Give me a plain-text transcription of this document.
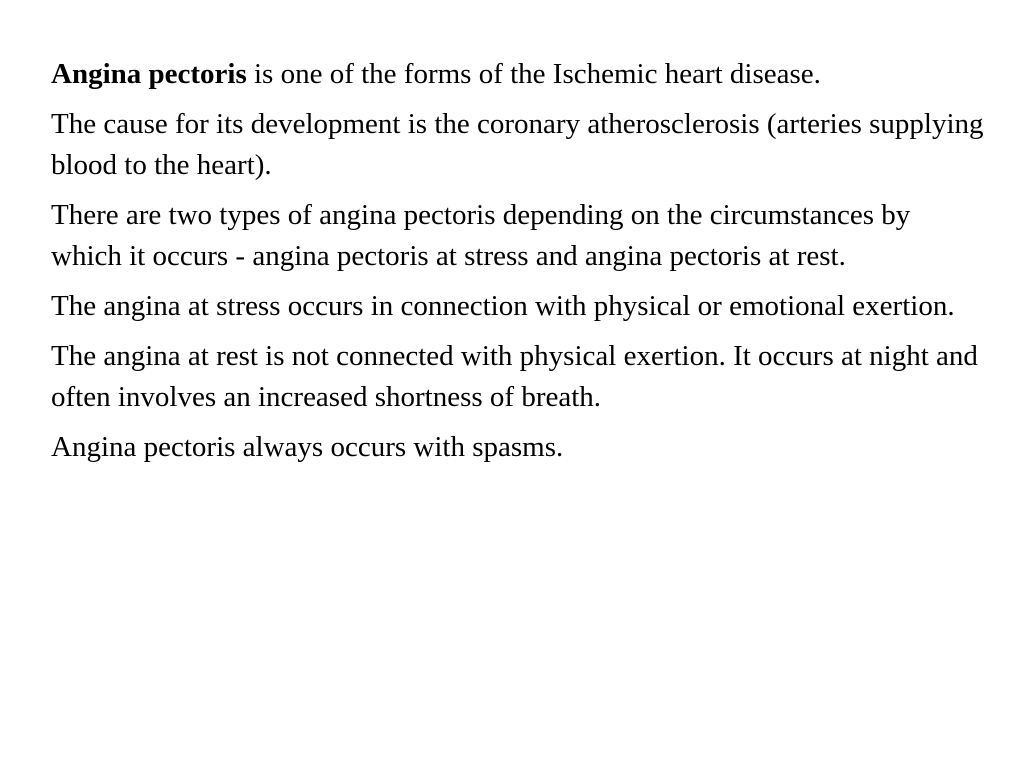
Angina pectoris is one of the forms of the Ischemic heart disease.

The cause for its development is the coronary atherosclerosis (arteries supplying blood to the heart).

There are two types of angina pectoris depending on the circumstances by which it occurs - angina pectoris at stress and angina pectoris at rest.

The angina at stress occurs in connection with physical or emotional exertion.

The angina at rest is not connected with physical exertion. It occurs at night and often involves an increased shortness of breath.

Angina pectoris always occurs with spasms.
